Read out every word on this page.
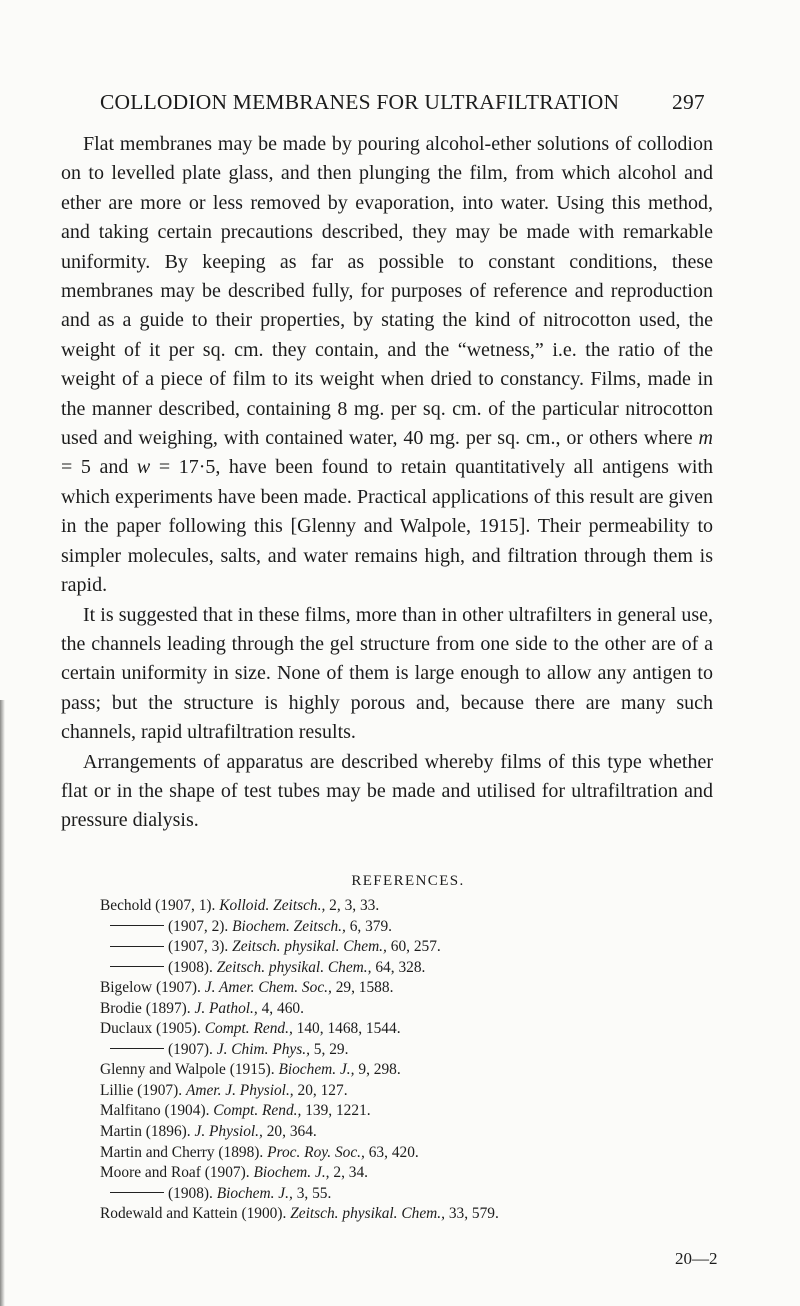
COLLODION MEMBRANES FOR ULTRAFILTRATION 297

Flat membranes may be made by pouring alcohol-ether solutions of collodion on to levelled plate glass, and then plunging the film, from which alcohol and ether are more or less removed by evaporation, into water. Using this method, and taking certain precautions described, they may be made with remarkable uniformity. By keeping as far as possible to constant conditions, these membranes may be described fully, for purposes of reference and reproduction and as a guide to their properties, by stating the kind of nitrocotton used, the weight of it per sq. cm. they contain, and the “wetness,” i.e. the ratio of the weight of a piece of film to its weight when dried to constancy. Films, made in the manner described, containing 8 mg. per sq. cm. of the particular nitrocotton used and weighing, with contained water, 40 mg. per sq. cm., or others where m = 5 and w = 17·5, have been found to retain quantitatively all antigens with which experiments have been made. Practical applications of this result are given in the paper following this [Glenny and Walpole, 1915]. Their permeability to simpler molecules, salts, and water remains high, and filtration through them is rapid.

It is suggested that in these films, more than in other ultrafilters in general use, the channels leading through the gel structure from one side to the other are of a certain uniformity in size. None of them is large enough to allow any antigen to pass; but the structure is highly porous and, because there are many such channels, rapid ultrafiltration results.

Arrangements of apparatus are described whereby films of this type whether flat or in the shape of test tubes may be made and utilised for ultrafiltration and pressure dialysis.

REFERENCES.
Bechold (1907, 1). Kolloid. Zeitsch., 2, 3, 33.
(1907, 2). Biochem. Zeitsch., 6, 379.
(1907, 3). Zeitsch. physikal. Chem., 60, 257.
(1908). Zeitsch. physikal. Chem., 64, 328.
Bigelow (1907). J. Amer. Chem. Soc., 29, 1588.
Brodie (1897). J. Pathol., 4, 460.
Duclaux (1905). Compt. Rend., 140, 1468, 1544.
(1907). J. Chim. Phys., 5, 29.
Glenny and Walpole (1915). Biochem. J., 9, 298.
Lillie (1907). Amer. J. Physiol., 20, 127.
Malfitano (1904). Compt. Rend., 139, 1221.
Martin (1896). J. Physiol., 20, 364.
Martin and Cherry (1898). Proc. Roy. Soc., 63, 420.
Moore and Roaf (1907). Biochem. J., 2, 34.
(1908). Biochem. J., 3, 55.
Rodewald and Kattein (1900). Zeitsch. physikal. Chem., 33, 579.
20—2
